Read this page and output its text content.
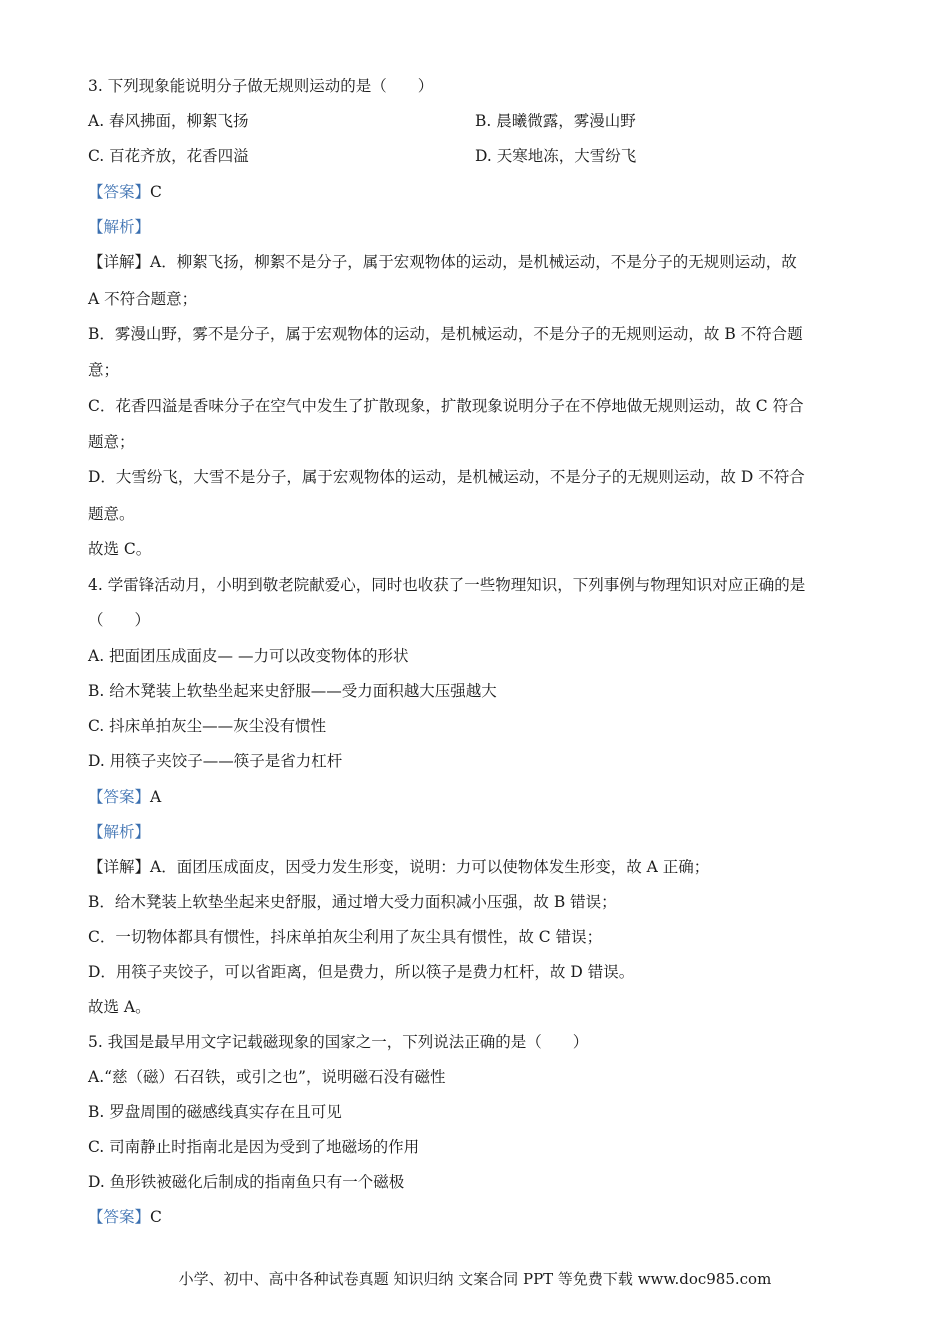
3. 下列现象能说明分子做无规则运动的是（　　）
A. 春风拂面，柳絮飞扬	B. 晨曦微露，雾漫山野
C. 百花齐放，花香四溢	D. 天寒地冻，大雪纷飞
【答案】C
【解析】
【详解】A．柳絮飞扬，柳絮不是分子，属于宏观物体的运动，是机械运动，不是分子的无规则运动，故
A 不符合题意；
B．雾漫山野，雾不是分子，属于宏观物体的运动，是机械运动，不是分子的无规则运动，故 B 不符合题
意；
C．花香四溢是香味分子在空气中发生了扩散现象，扩散现象说明分子在不停地做无规则运动，故 C 符合
题意；
D．大雪纷飞，大雪不是分子，属于宏观物体的运动，是机械运动，不是分子的无规则运动，故 D 不符合
题意。
故选 C。
4. 学雷锋活动月，小明到敬老院献爱心，同时也收获了一些物理知识，下列事例与物理知识对应正确的是
（　　）
A. 把面团压成面皮— —力可以改变物体的形状
B. 给木凳装上软垫坐起来史舒服——受力面积越大压强越大
C. 抖床单拍灰尘——灰尘没有惯性
D. 用筷子夹饺子——筷子是省力杠杆
【答案】A
【解析】
【详解】A．面团压成面皮，因受力发生形变，说明：力可以使物体发生形变，故 A 正确；
B．给木凳装上软垫坐起来史舒服，通过增大受力面积减小压强，故 B 错误；
C．一切物体都具有惯性，抖床单拍灰尘利用了灰尘具有惯性，故 C 错误；
D．用筷子夹饺子，可以省距离，但是费力，所以筷子是费力杠杆，故 D 错误。
故选 A。
5. 我国是最早用文字记载磁现象的国家之一，下列说法正确的是（　　）
A.“慈（磁）石召铁，或引之也”，说明磁石没有磁性
B. 罗盘周围的磁感线真实存在且可见
C. 司南静止时指南北是因为受到了地磁场的作用
D. 鱼形铁被磁化后制成的指南鱼只有一个磁极
【答案】C
小学、初中、高中各种试卷真题 知识归纳 文案合同 PPT 等免费下载 www.doc985.com
